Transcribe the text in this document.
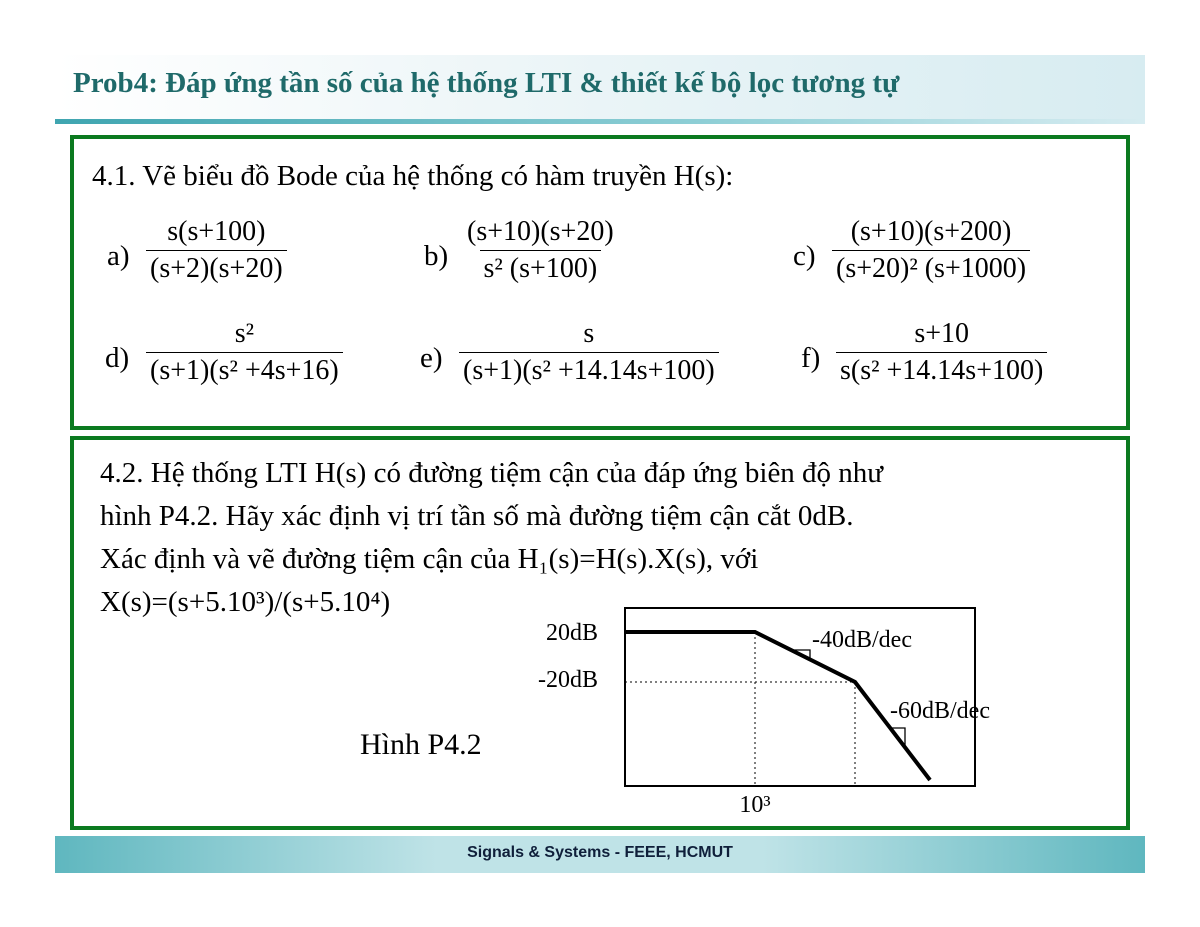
Prob4: Đáp ứng tần số của hệ thống LTI & thiết kế bộ lọc tương tự
4.1. Vẽ biểu đồ Bode của hệ thống có hàm truyền H(s):
$a) \frac{s(s+100)}{(s+2)(s+20)}$	$b) \frac{(s+10)(s+20)}{\text{s² (s+100)}}$	$c) \frac{(s+10)(s+200)}{\text{(s+20)² (s+1000)}}$
$d) \frac{\text{s²}}{\text{(s+1)(s² +4s+16)}}$	$e) \frac{s}{\text{(s+1)(s² +14.14s+100)}}$	$f) \frac{s+10}{\text{s(s² +14.14s+100)}}$
4.2. Hệ thống LTI H(s) có đường tiệm cận của đáp ứng biên độ như
hình P4.2. Hãy xác định vị trí tần số mà đường tiệm cận cắt 0dB.
Xác định và vẽ đường tiệm cận của H₁(s)=H(s).X(s), với
X(s)=(s+5.10³)/(s+5.10⁴)
Hình P4.2
20dB
-20dB
-40dB/dec
-60dB/dec
10³
Signals & Systems - FEEE, HCMUT
